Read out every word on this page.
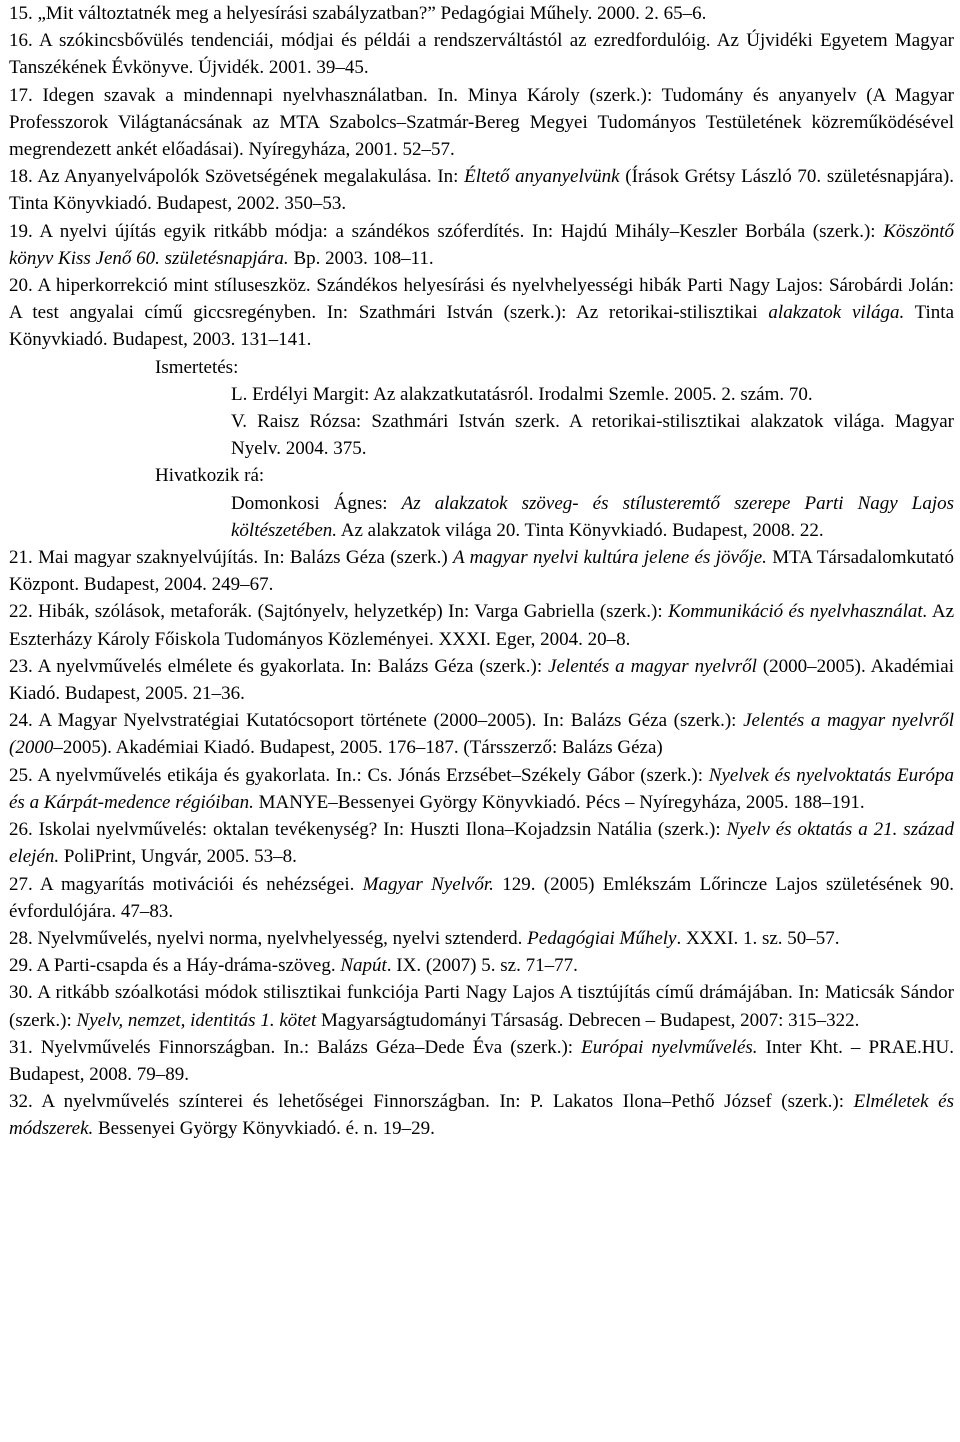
15. „Mit változtatnék meg a helyesírási szabályzatban?” Pedagógiai Műhely. 2000. 2. 65–6.

16. A szókincsbővülés tendenciái, módjai és példái a rendszerváltástól az ezredfordulóig. Az Újvidéki Egyetem Magyar Tanszékének Évkönyve. Újvidék. 2001. 39–45.

17. Idegen szavak a mindennapi nyelvhasználatban. In. Minya Károly (szerk.): Tudomány és anyanyelv (A Magyar Professzorok Világtanácsának az MTA Szabolcs–Szatmár-Bereg Megyei Tudományos Testületének közreműködésével megrendezett ankét előadásai). Nyíregyháza, 2001. 52–57.

18. Az Anyanyelvápolók Szövetségének megalakulása. In: Éltető anyanyelvünk (Írások Grétsy László 70. születésnapjára). Tinta Könyvkiadó. Budapest, 2002. 350–53.

19. A nyelvi újítás egyik ritkább módja: a szándékos szóferdítés. In: Hajdú Mihály–Keszler Borbála (szerk.): Köszöntő könyv Kiss Jenő 60. születésnapjára. Bp. 2003. 108–11.

20. A hiperkorrekció mint stíluseszköz. Szándékos helyesírási és nyelvhelyességi hibák Parti Nagy Lajos: Sárobárdi Jolán: A test angyalai című giccsregényben. In: Szathmári István (szerk.): Az retorikai-stilisztikai alakzatok világa. Tinta Könyvkiadó. Budapest, 2003. 131–141.

Ismertetés:
L. Erdélyi Margit: Az alakzatkutatásról. Irodalmi Szemle. 2005. 2. szám. 70.
V. Raisz Rózsa: Szathmári István szerk. A retorikai-stilisztikai alakzatok világa. Magyar Nyelv. 2004. 375.
Hivatkozik rá:
Domonkosi Ágnes: Az alakzatok szöveg- és stílusteremtő szerepe Parti Nagy Lajos költészetében. Az alakzatok világa 20. Tinta Könyvkiadó. Budapest, 2008. 22.

21. Mai magyar szaknyelvújítás. In: Balázs Géza (szerk.) A magyar nyelvi kultúra jelene és jövője. MTA Társadalomkutató Központ. Budapest, 2004. 249–67.

22. Hibák, szólások, metaforák. (Sajtónyelv, helyzetkép) In: Varga Gabriella (szerk.): Kommunikáció és nyelvhasználat. Az Eszterházy Károly Főiskola Tudományos Közleményei. XXXI. Eger, 2004. 20–8.

23. A nyelvművelés elmélete és gyakorlata. In: Balázs Géza (szerk.): Jelentés a magyar nyelvről (2000–2005). Akadémiai Kiadó. Budapest, 2005. 21–36.

24. A Magyar Nyelvstratégiai Kutatócsoport története (2000–2005). In: Balázs Géza (szerk.): Jelentés a magyar nyelvről (2000–2005). Akadémiai Kiadó. Budapest, 2005. 176–187. (Társszerző: Balázs Géza)

25. A nyelvművelés etikája és gyakorlata. In.: Cs. Jónás Erzsébet–Székely Gábor (szerk.): Nyelvek és nyelvoktatás Európa és a Kárpát-medence régióiban. MANYE–Bessenyei György Könyvkiadó. Pécs – Nyíregyháza, 2005. 188–191.

26. Iskolai nyelvművelés: oktalan tevékenység? In: Huszti Ilona–Kojadzsin Natália (szerk.): Nyelv és oktatás a 21. század elején. PoliPrint, Ungvár, 2005. 53–8.

27. A magyarítás motivációi és nehézségei. Magyar Nyelvőr. 129. (2005) Emlékszám Lőrincze Lajos születésének 90. évfordulójára. 47–83.

28. Nyelvművelés, nyelvi norma, nyelvhelyesség, nyelvi sztenderd. Pedagógiai Műhely. XXXI. 1. sz. 50–57.

29. A Parti-csapda és a Háy-dráma-szöveg. Napút. IX. (2007) 5. sz. 71–77.

30. A ritkább szóalkotási módok stilisztikai funkciója Parti Nagy Lajos A tisztújítás című drámájában. In: Maticsák Sándor (szerk.): Nyelv, nemzet, identitás 1. kötet Magyarságtudományi Társaság. Debrecen – Budapest, 2007: 315–322.

31. Nyelvművelés Finnországban. In.: Balázs Géza–Dede Éva (szerk.): Európai nyelvművelés. Inter Kht. – PRAE.HU. Budapest, 2008. 79–89.

32. A nyelvművelés színterei és lehetőségei Finnországban. In: P. Lakatos Ilona–Pethő József (szerk.): Elméletek és módszerek. Bessenyei György Könyvkiadó. é. n. 19–29.
